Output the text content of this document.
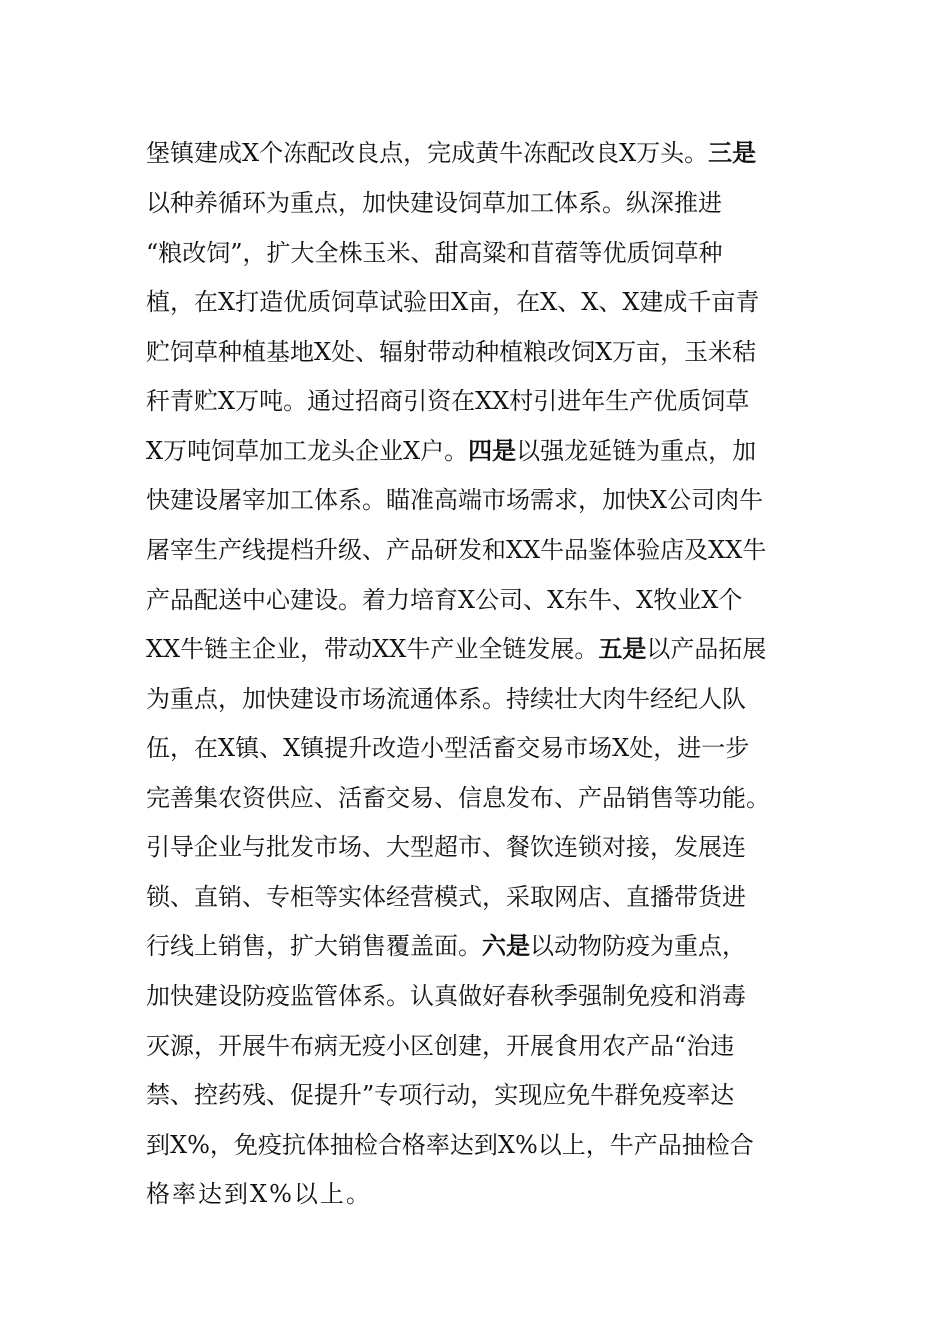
堡镇建成X个冻配改良点，完成黄牛冻配改良X万头。三是
以种养循环为重点，加快建设饲草加工体系。纵深推进
“粮改饲”，扩大全株玉米、甜高粱和苜蓿等优质饲草种
植，在X打造优质饲草试验田X亩，在X、X、X建成千亩青
贮饲草种植基地X处、辐射带动种植粮改饲X万亩，玉米秸
秆青贮X万吨。通过招商引资在XX村引进年生产优质饲草
X万吨饲草加工龙头企业X户。四是以强龙延链为重点，加
快建设屠宰加工体系。瞄准高端市场需求，加快X公司肉牛
屠宰生产线提档升级、产品研发和XX牛品鉴体验店及XX牛
产品配送中心建设。着力培育X公司、X东牛、X牧业X个
XX牛链主企业，带动XX牛产业全链发展。五是以产品拓展
为重点，加快建设市场流通体系。持续壮大肉牛经纪人队
伍，在X镇、X镇提升改造小型活畜交易市场X处，进一步
完善集农资供应、活畜交易、信息发布、产品销售等功能。
引导企业与批发市场、大型超市、餐饮连锁对接，发展连
锁、直销、专柜等实体经营模式，采取网店、直播带货进
行线上销售，扩大销售覆盖面。六是以动物防疫为重点，
加快建设防疫监管体系。认真做好春秋季强制免疫和消毒
灭源，开展牛布病无疫小区创建，开展食用农产品“治违
禁、控药残、促提升”专项行动，实现应免牛群免疫率达
到X%，免疫抗体抽检合格率达到X%以上，牛产品抽检合
格率达到X%以上。
